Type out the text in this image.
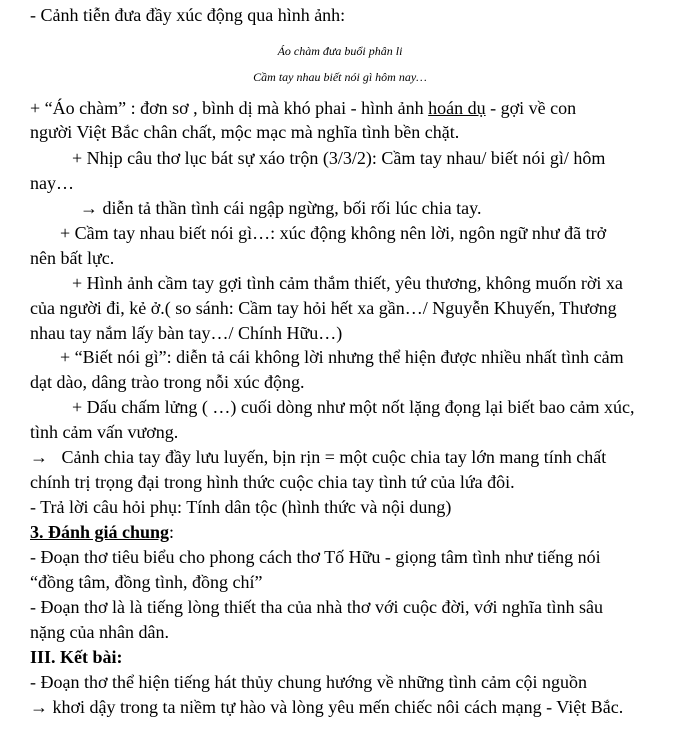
- Cảnh tiễn đưa đầy xúc động qua hình ảnh:
Áo chàm đưa buổi phân li
Cầm tay nhau biết nói gì hôm nay…
+ “Áo chàm” : đơn sơ , bình dị mà khó phai - hình ảnh hoán dụ - gợi về con
người Việt Bắc chân chất, mộc mạc mà nghĩa tình bền chặt.
+ Nhịp câu thơ lục bát sự xáo trộn (3/3/2): Cầm tay nhau/ biết nói gì/ hôm
nay…
→ diễn tả thần tình cái ngập ngừng, bối rối lúc chia tay.
+ Cầm tay nhau biết nói gì…: xúc động không nên lời, ngôn ngữ như đã trở
nên bất lực.
+ Hình ảnh cầm tay gợi tình cảm thắm thiết, yêu thương, không muốn rời xa
của người đi, kẻ ở.( so sánh: Cầm tay hỏi hết xa gần…/ Nguyễn Khuyến, Thương
nhau tay nắm lấy bàn tay…/ Chính Hữu…)
+ “Biết nói gì”: diễn tả cái không lời nhưng thể hiện được nhiều nhất tình cảm
dạt dào, dâng trào trong nỗi xúc động.
+ Dấu chấm lửng ( …) cuối dòng như một nốt lặng đọng lại biết bao cảm xúc,
tình cảm vấn vương.
→ Cảnh chia tay đầy lưu luyến, bịn rịn = một cuộc chia tay lớn mang tính chất
chính trị trọng đại trong hình thức cuộc chia tay tình tứ của lứa đôi.
- Trả lời câu hỏi phụ: Tính dân tộc (hình thức và nội dung)
3. Đánh giá chung:
- Đoạn thơ tiêu biểu cho phong cách thơ Tố Hữu - giọng tâm tình như tiếng nói
“đồng tâm, đồng tình, đồng chí”
- Đoạn thơ là là tiếng lòng thiết tha của nhà thơ với cuộc đời, với nghĩa tình sâu
nặng của nhân dân.
III. Kết bài:
- Đoạn thơ thể hiện tiếng hát thủy chung hướng về những tình cảm cội nguồn
→ khơi dậy trong ta niềm tự hào và lòng yêu mến chiếc nôi cách mạng - Việt Bắc.
